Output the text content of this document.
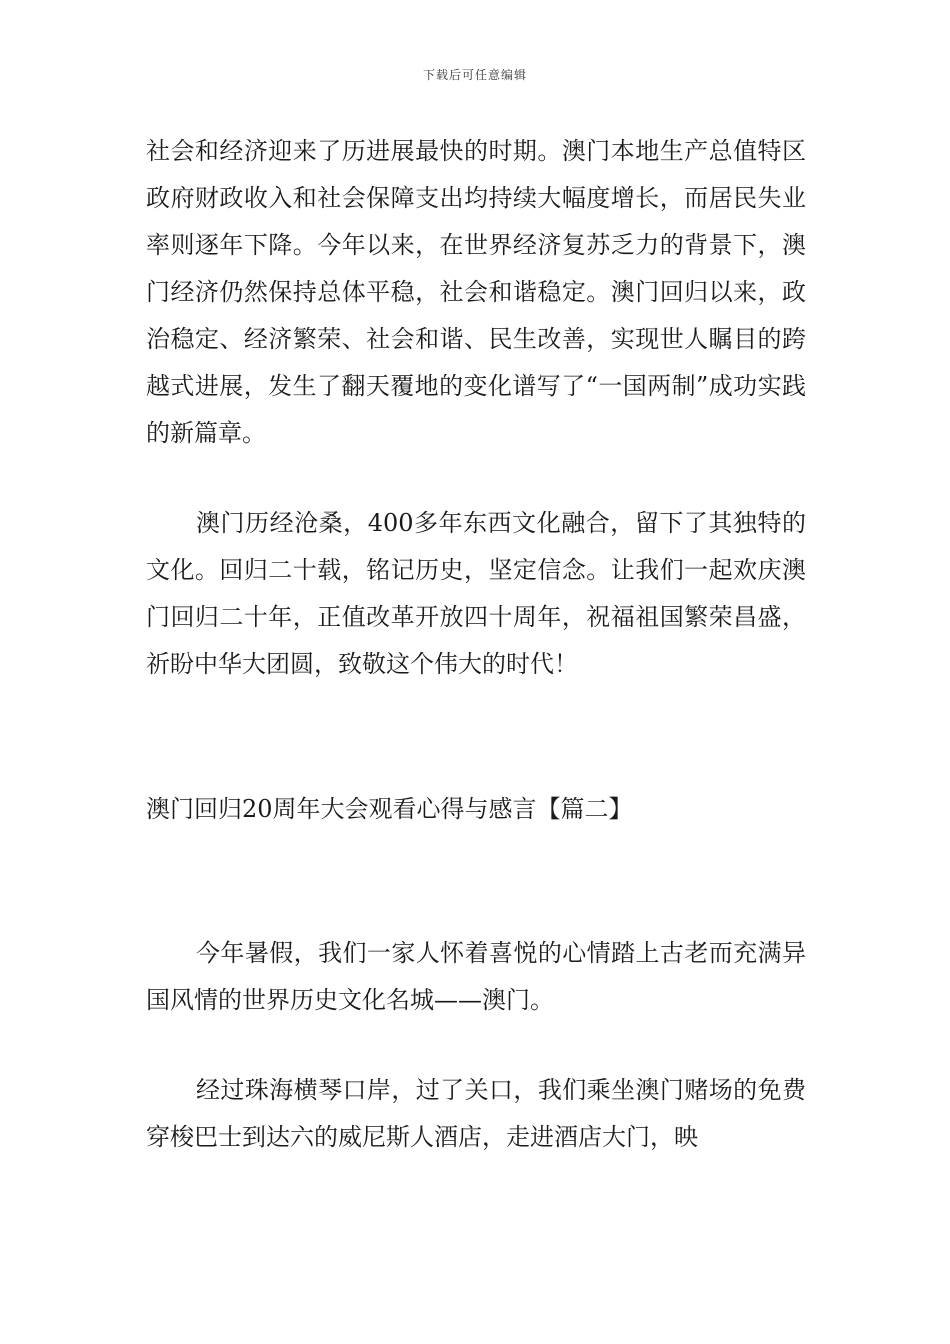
下载后可任意编辑

社会和经济迎来了历进展最快的时期。澳门本地生产总值特区政府财政收入和社会保障支出均持续大幅度增长，而居民失业率则逐年下降。今年以来，在世界经济复苏乏力的背景下，澳门经济仍然保持总体平稳，社会和谐稳定。澳门回归以来，政治稳定、经济繁荣、社会和谐、民生改善，实现世人瞩目的跨越式进展，发生了翻天覆地的变化谱写了“一国两制”成功实践的新篇章。

澳门历经沧桑，400多年东西文化融合，留下了其独特的文化。回归二十载，铭记历史，坚定信念。让我们一起欢庆澳门回归二十年，正值改革开放四十周年，祝福祖国繁荣昌盛，祈盼中华大团圆，致敬这个伟大的时代！

澳门回归20周年大会观看心得与感言【篇二】

今年暑假，我们一家人怀着喜悦的心情踏上古老而充满异国风情的世界历史文化名城——澳门。

经过珠海横琴口岸，过了关口，我们乘坐澳门赌场的免费穿梭巴士到达六的威尼斯人酒店，走进酒店大门，映
